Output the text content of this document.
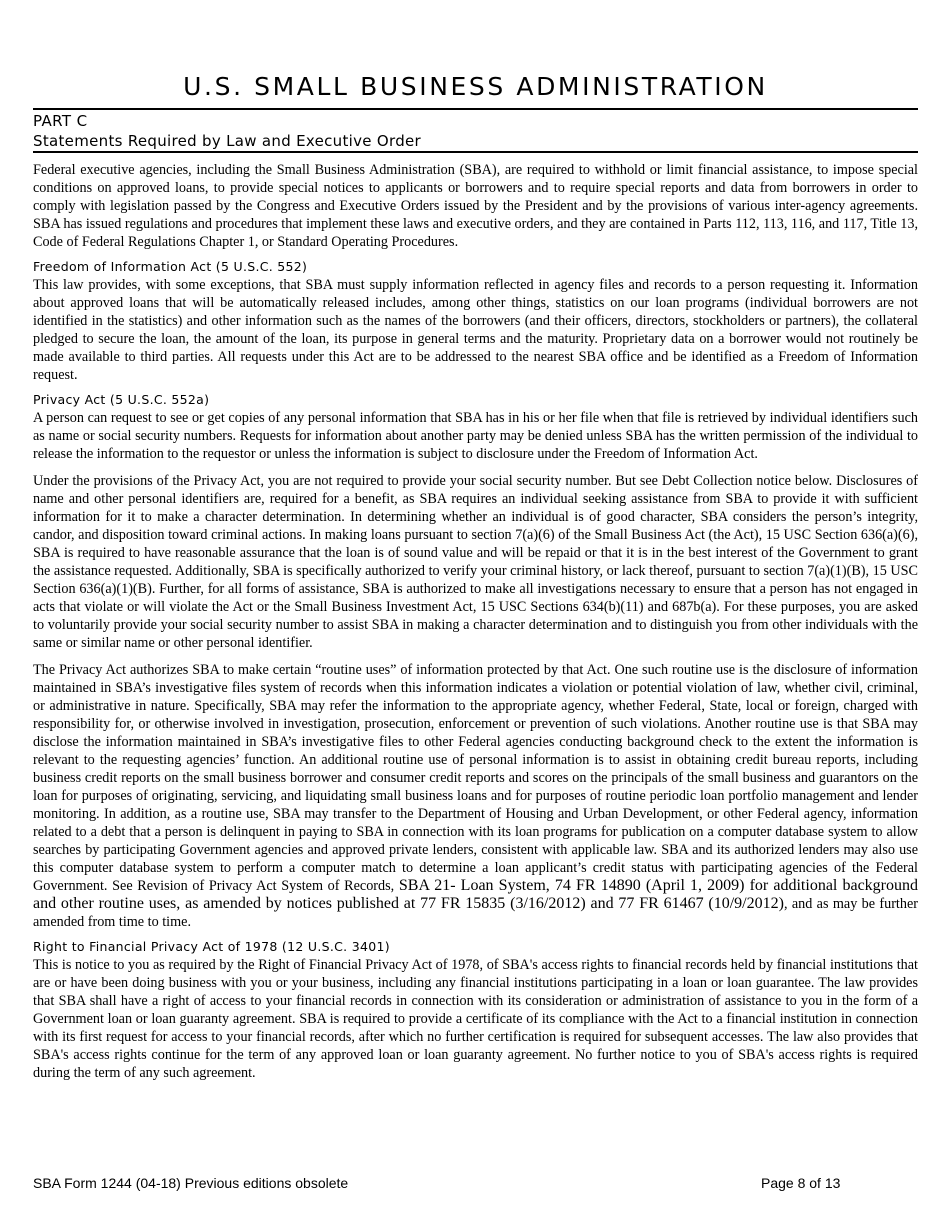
U.S. SMALL BUSINESS ADMINISTRATION
PART C
Statements Required by Law and Executive Order
Federal executive agencies, including the Small Business Administration (SBA), are required to withhold or limit financial assistance, to impose special conditions on approved loans, to provide special notices to applicants or borrowers and to require special reports and data from borrowers in order to comply with legislation passed by the Congress and Executive Orders issued by the President and by the provisions of various inter-agency agreements. SBA has issued regulations and procedures that implement these laws and executive orders, and they are contained in Parts 112, 113, 116, and 117, Title 13, Code of Federal Regulations Chapter 1, or Standard Operating Procedures.
Freedom of Information Act (5 U.S.C. 552)
This law provides, with some exceptions, that SBA must supply information reflected in agency files and records to a person requesting it. Information about approved loans that will be automatically released includes, among other things, statistics on our loan programs (individual borrowers are not identified in the statistics) and other information such as the names of the borrowers (and their officers, directors, stockholders or partners), the collateral pledged to secure the loan, the amount of the loan, its purpose in general terms and the maturity. Proprietary data on a borrower would not routinely be made available to third parties. All requests under this Act are to be addressed to the nearest SBA office and be identified as a Freedom of Information request.
Privacy Act (5 U.S.C. 552a)
A person can request to see or get copies of any personal information that SBA has in his or her file when that file is retrieved by individual identifiers such as name or social security numbers. Requests for information about another party may be denied unless SBA has the written permission of the individual to release the information to the requestor or unless the information is subject to disclosure under the Freedom of Information Act.
Under the provisions of the Privacy Act, you are not required to provide your social security number. But see Debt Collection notice below. Disclosures of name and other personal identifiers are, required for a benefit, as SBA requires an individual seeking assistance from SBA to provide it with sufficient information for it to make a character determination. In determining whether an individual is of good character, SBA considers the person’s integrity, candor, and disposition toward criminal actions. In making loans pursuant to section 7(a)(6) of the Small Business Act (the Act), 15 USC Section 636(a)(6), SBA is required to have reasonable assurance that the loan is of sound value and will be repaid or that it is in the best interest of the Government to grant the assistance requested. Additionally, SBA is specifically authorized to verify your criminal history, or lack thereof, pursuant to section 7(a)(1)(B), 15 USC Section 636(a)(1)(B). Further, for all forms of assistance, SBA is authorized to make all investigations necessary to ensure that a person has not engaged in acts that violate or will violate the Act or the Small Business Investment Act, 15 USC Sections 634(b)(11) and 687b(a). For these purposes, you are asked to voluntarily provide your social security number to assist SBA in making a character determination and to distinguish you from other individuals with the same or similar name or other personal identifier.
The Privacy Act authorizes SBA to make certain “routine uses” of information protected by that Act. One such routine use is the disclosure of information maintained in SBA’s investigative files system of records when this information indicates a violation or potential violation of law, whether civil, criminal, or administrative in nature. Specifically, SBA may refer the information to the appropriate agency, whether Federal, State, local or foreign, charged with responsibility for, or otherwise involved in investigation, prosecution, enforcement or prevention of such violations. Another routine use is that SBA may disclose the information maintained in SBA’s investigative files to other Federal agencies conducting background check to the extent the information is relevant to the requesting agencies’ function. An additional routine use of personal information is to assist in obtaining credit bureau reports, including business credit reports on the small business borrower and consumer credit reports and scores on the principals of the small business and guarantors on the loan for purposes of originating, servicing, and liquidating small business loans and for purposes of routine periodic loan portfolio management and lender monitoring. In addition, as a routine use, SBA may transfer to the Department of Housing and Urban Development, or other Federal agency, information related to a debt that a person is delinquent in paying to SBA in connection with its loan programs for publication on a computer database system to allow searches by participating Government agencies and approved private lenders, consistent with applicable law. SBA and its authorized lenders may also use this computer database system to perform a computer match to determine a loan applicant’s credit status with participating agencies of the Federal Government. See Revision of Privacy Act System of Records, SBA 21- Loan System, 74 FR 14890 (April 1, 2009) for additional background and other routine uses, as amended by notices published at 77 FR 15835 (3/16/2012) and 77 FR 61467 (10/9/2012), and as may be further amended from time to time.
Right to Financial Privacy Act of 1978 (12 U.S.C. 3401)
This is notice to you as required by the Right of Financial Privacy Act of 1978, of SBA's access rights to financial records held by financial institutions that are or have been doing business with you or your business, including any financial institutions participating in a loan or loan guarantee. The law provides that SBA shall have a right of access to your financial records in connection with its consideration or administration of assistance to you in the form of a Government loan or loan guaranty agreement. SBA is required to provide a certificate of its compliance with the Act to a financial institution in connection with its first request for access to your financial records, after which no further certification is required for subsequent accesses. The law also provides that SBA's access rights continue for the term of any approved loan or loan guaranty agreement. No further notice to you of SBA's access rights is required during the term of any such agreement.
SBA Form 1244 (04-18) Previous editions obsolete	Page 8 of 13
